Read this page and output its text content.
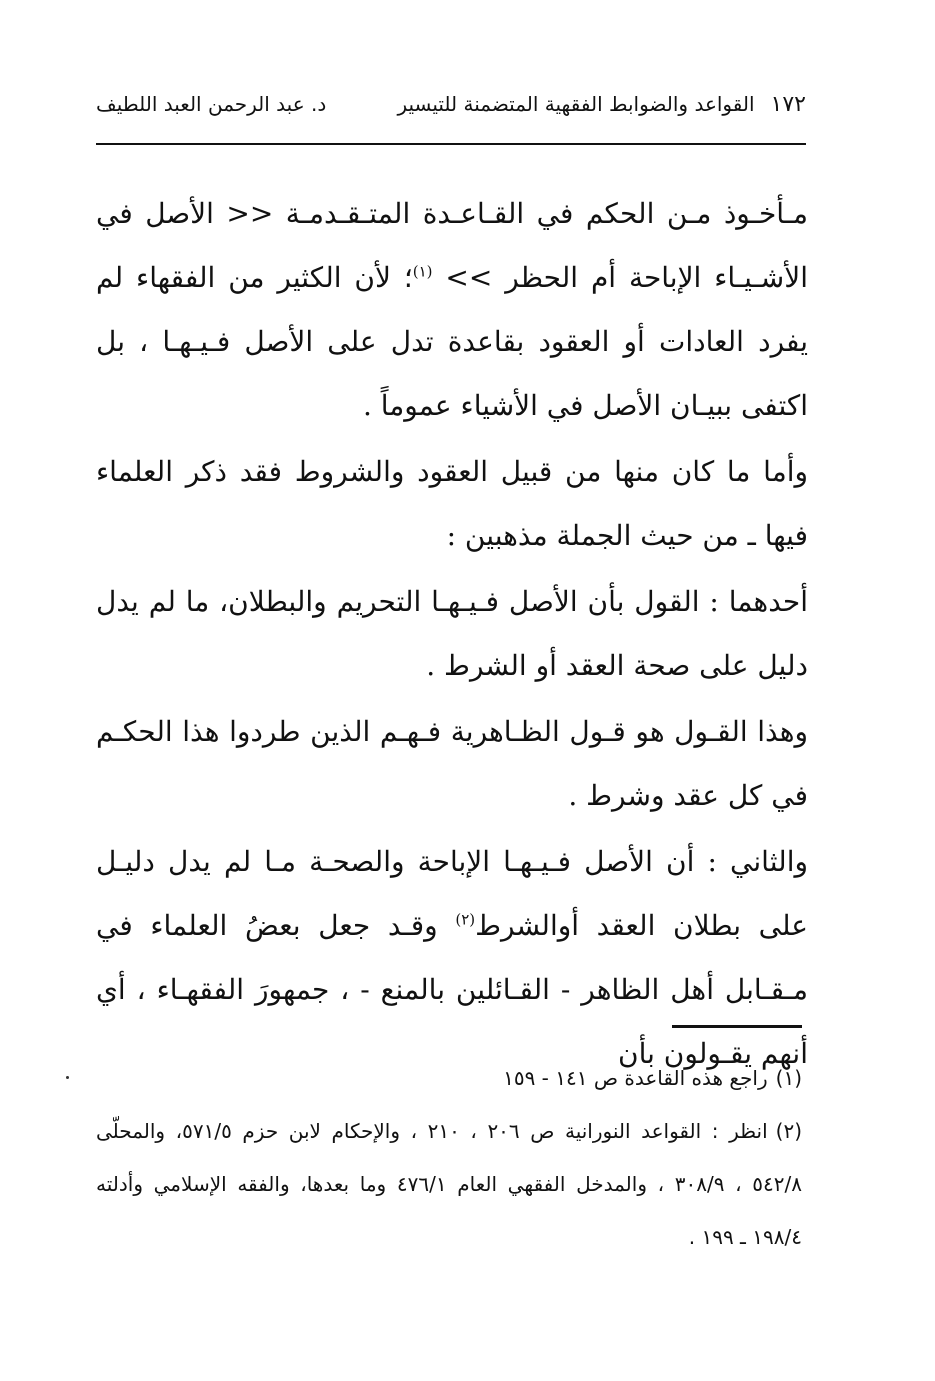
١٧٢
القواعد والضوابط الفقهية المتضمنة للتيسير
د. عبد الرحمن العبد اللطيف

مـأخـوذ مـن الحكم في القـاعـدة المتـقـدمـة << الأصل في الأشـيـاء الإباحة أم الحظر >> $^{(١)}$؛ لأن الكثير من الفقهاء لم يفرد العادات أو العقود بقاعدة تدل على الأصل فـيـهـا ، بل اكتفى ببيـان الأصل في الأشياء عموماً .

وأما ما كان منها من قبيل العقود والشروط فقد ذكر العلماء فيها ـ من حيث الجملة مذهبين :

أحدهما : القول بأن الأصل فـيـهـا التحريم والبطلان، ما لم يدل دليل على صحة العقد أو الشرط .

وهذا القـول هو قـول الظـاهرية فـهـم الذين طردوا هذا الحكـم في كل عقد وشرط .

والثاني : أن الأصل فـيـهـا الإباحة والصحـة مـا لم يدل دليـل على بطلان العقد أوالشرط$^{(٢)}$ وقـد جعل بعضُ العلماء في مـقـابل أهل الظاهر - القـائلين بالمنع - ، جمهورَ الفقهـاء ، أي أنهم يقـولون بأن

(١)راجع هذه القاعدة ص ١٤١ - ١٥٩

(٢)انظر : القواعد النورانية ص ٢٠٦ ، ٢١٠ ، والإحكام لابن حزم ٥٧١/٥، والمحلّى ٥٤٢/٨ ، ٣٠٨/٩ ، والمدخل الفقهي العام ٤٧٦/١ وما بعدها، والفقه الإسلامي وأدلته ١٩٨/٤ ـ ١٩٩ .
